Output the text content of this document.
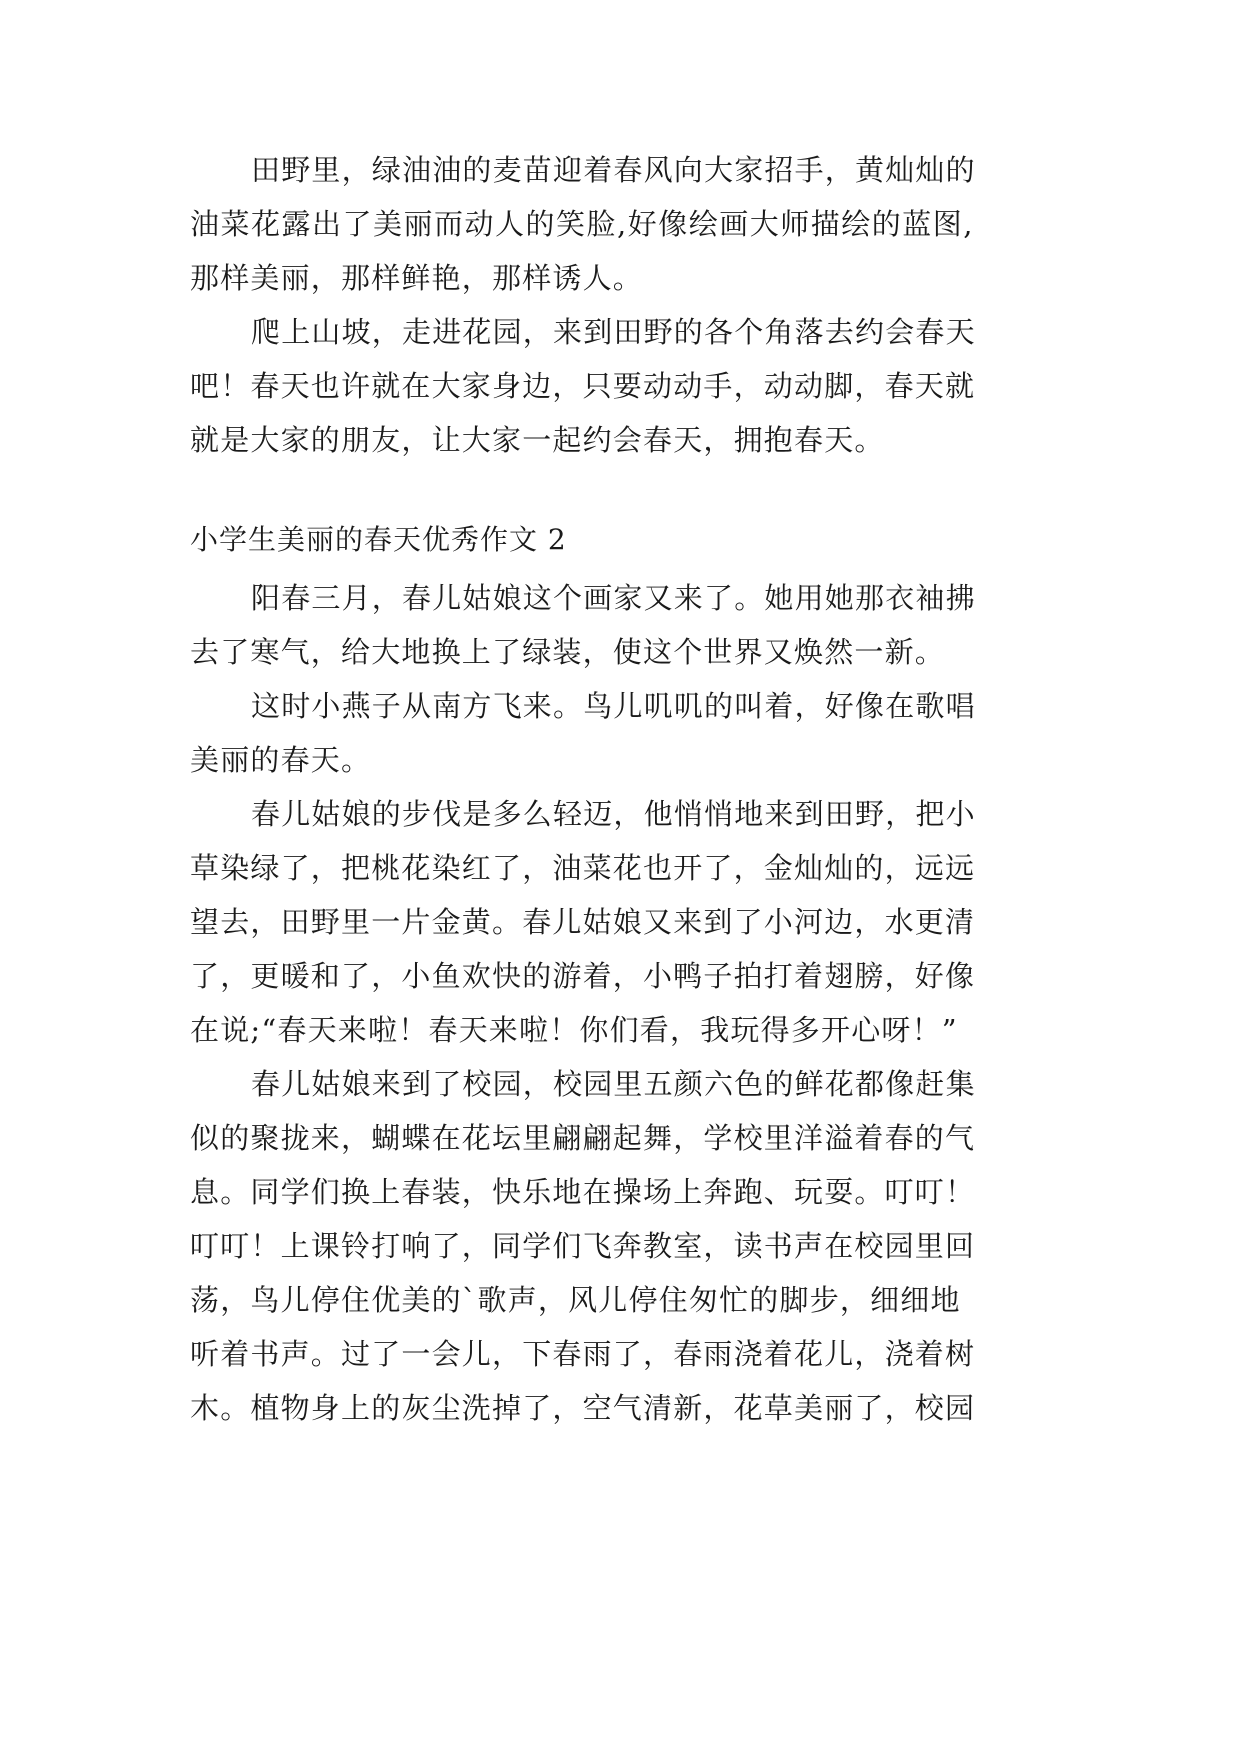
田野里，绿油油的麦苗迎着春风向大家招手，黄灿灿的
油菜花露出了美丽而动人的笑脸,好像绘画大师描绘的蓝图,
那样美丽，那样鲜艳，那样诱人。
爬上山坡，走进花园，来到田野的各个角落去约会春天
吧！春天也许就在大家身边，只要动动手，动动脚，春天就
就是大家的朋友，让大家一起约会春天，拥抱春天。
小学生美丽的春天优秀作文 2
阳春三月，春儿姑娘这个画家又来了。她用她那衣袖拂
去了寒气，给大地换上了绿装，使这个世界又焕然一新。
这时小燕子从南方飞来。鸟儿叽叽的叫着，好像在歌唱
美丽的春天。
春儿姑娘的步伐是多么轻迈，他悄悄地来到田野，把小
草染绿了，把桃花染红了，油菜花也开了，金灿灿的，远远
望去，田野里一片金黄。春儿姑娘又来到了小河边，水更清
了，更暖和了，小鱼欢快的游着，小鸭子拍打着翅膀，好像
在说;“春天来啦！春天来啦！你们看，我玩得多开心呀！”
春儿姑娘来到了校园，校园里五颜六色的鲜花都像赶集
似的聚拢来，蝴蝶在花坛里翩翩起舞，学校里洋溢着春的气
息。同学们换上春装，快乐地在操场上奔跑、玩耍。叮叮！
叮叮！上课铃打响了，同学们飞奔教室，读书声在校园里回
荡，鸟儿停住优美的`歌声，风儿停住匆忙的脚步，细细地
听着书声。过了一会儿，下春雨了，春雨浇着花儿，浇着树
木。植物身上的灰尘洗掉了，空气清新，花草美丽了，校园
